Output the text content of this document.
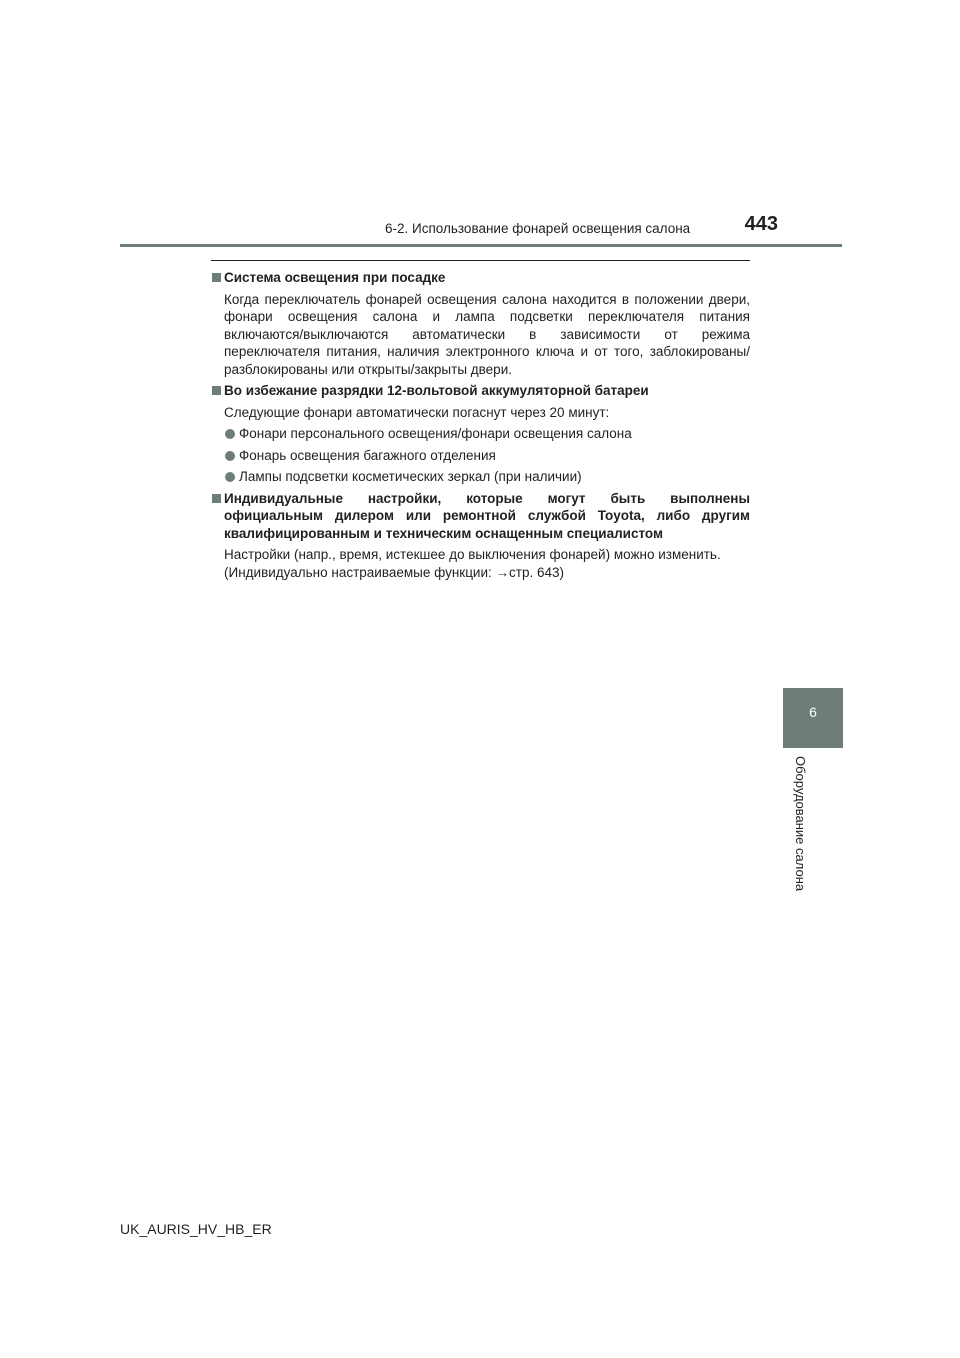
6-2. Использование фонарей освещения салона	443
Система освещения при посадке
Когда переключатель фонарей освещения салона находится в положении двери,
фонари освещения салона и лампа подсветки переключателя питания
включаются/выключаются автоматически в зависимости от режима
переключателя питания, наличия электронного ключа и от того, заблокированы/
разблокированы или открыты/закрыты двери.
Во избежание разрядки 12-вольтовой аккумуляторной батареи
Следующие фонари автоматически погаснут через 20 минут:
Фонари персонального освещения/фонари освещения салона
Фонарь освещения багажного отделения
Лампы подсветки косметических зеркал (при наличии)
Индивидуальные настройки, которые могут быть выполнены
официальным дилером или ремонтной службой Toyota, либо другим
квалифицированным и техническим оснащенным специалистом
Настройки (напр., время, истекшее до выключения фонарей) можно изменить.
(Индивидуально настраиваемые функции: →стр. 643)
6
Оборудование салона
UK_AURIS_HV_HB_ER
